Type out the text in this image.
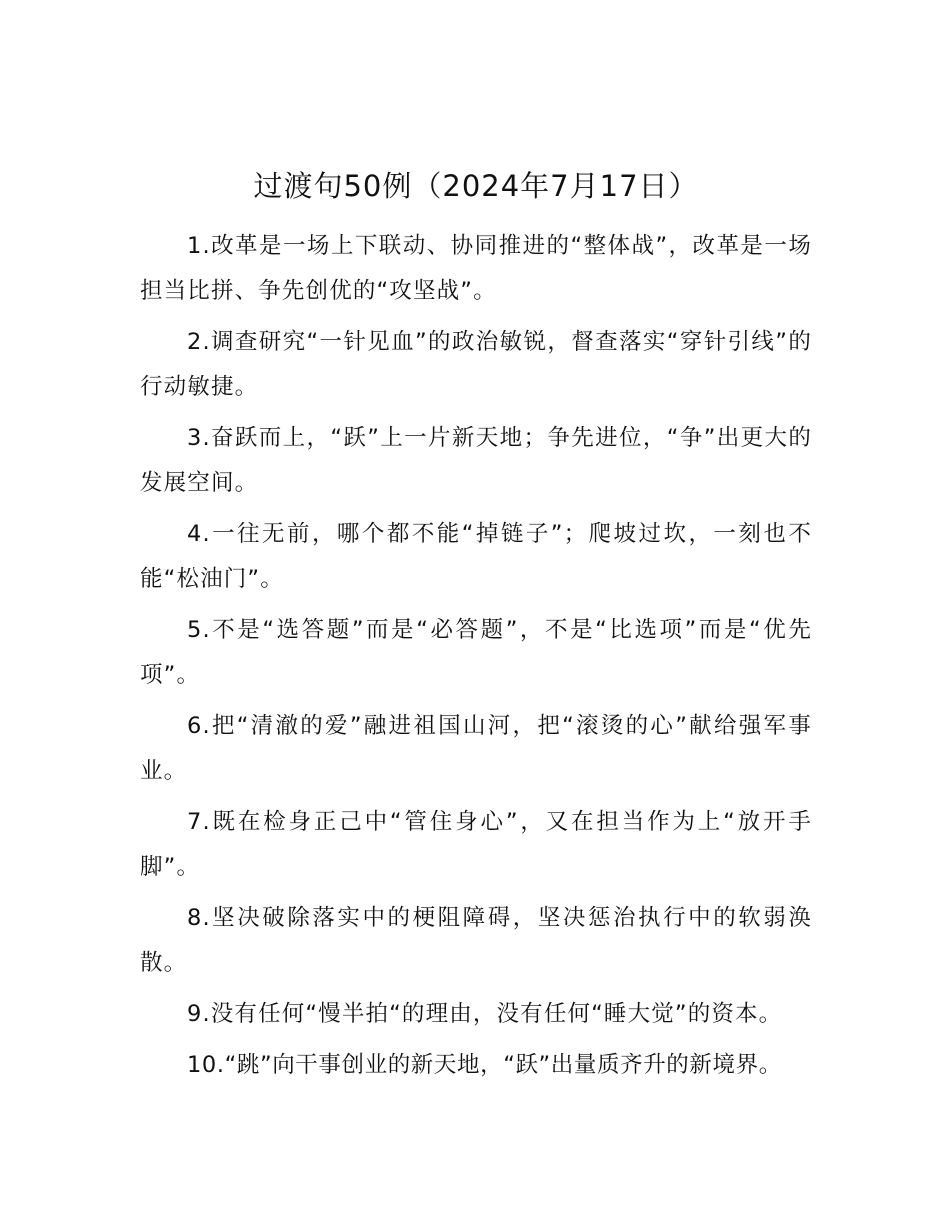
过渡句50例（2024年7月17日）

1.改革是一场上下联动、协同推进的“整体战”，改革是一场担当比拼、争先创优的“攻坚战”。

2.调查研究“一针见血”的政治敏锐，督查落实“穿针引线”的行动敏捷。

3.奋跃而上，“跃”上一片新天地；争先进位，“争”出更大的发展空间。

4.一往无前，哪个都不能“掉链子”；爬坡过坎，一刻也不能“松油门”。

5.不是“选答题”而是“必答题”，不是“比选项”而是“优先项”。

6.把“清澈的爱”融进祖国山河，把“滚烫的心”献给强军事业。

7.既在检身正己中“管住身心”，又在担当作为上“放开手脚”。

8.坚决破除落实中的梗阻障碍，坚决惩治执行中的软弱涣散。

9.没有任何“慢半拍“的理由，没有任何“睡大觉”的资本。

10.“跳”向干事创业的新天地，“跃”出量质齐升的新境界。
